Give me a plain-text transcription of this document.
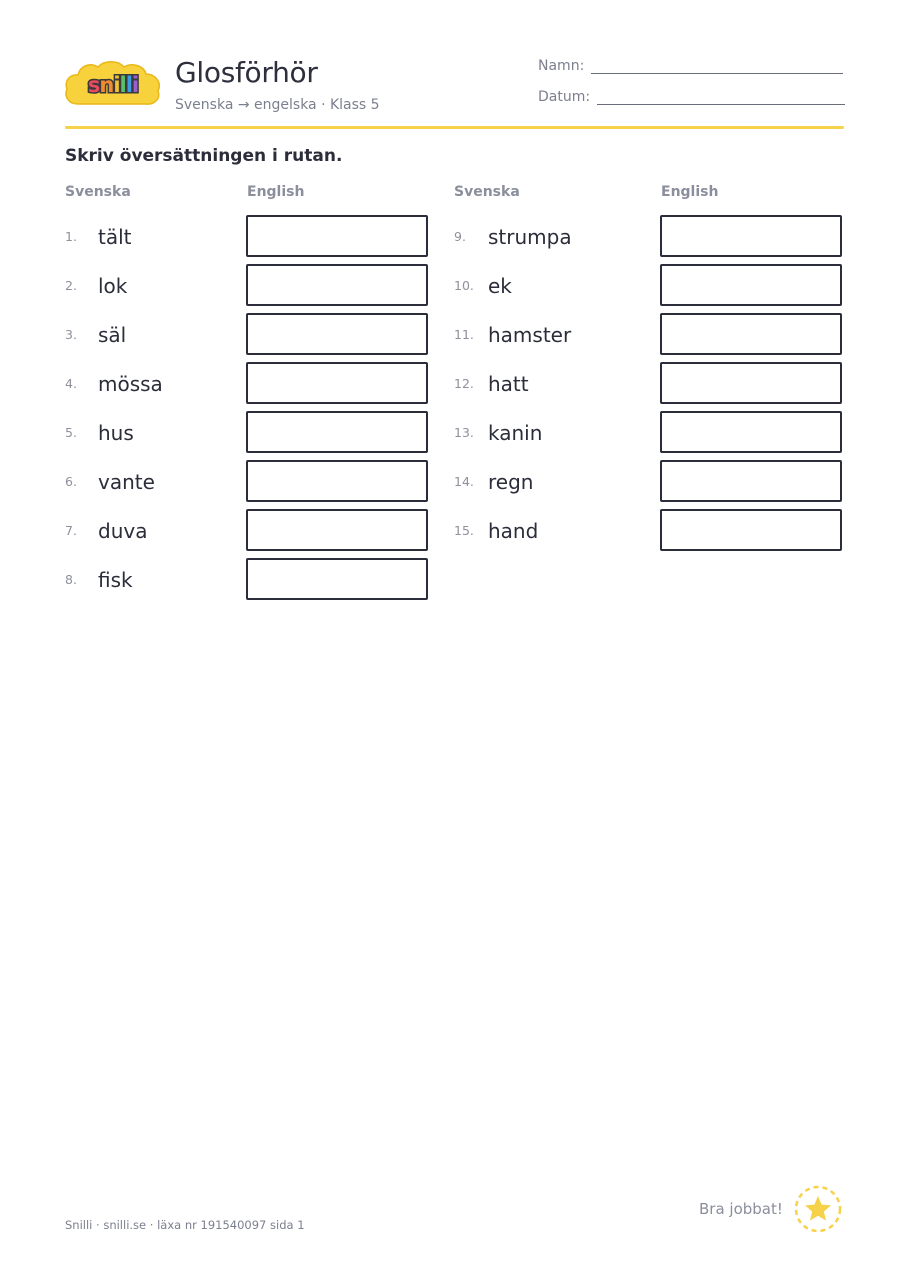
snilli Glosförhör
Svenska → engelska · Klass 5
Namn:
Datum:
Skriv översättningen i rutan.
Svenska	English	Svenska	English
1. tält
2. lok
3. säl
4. mössa
5. hus
6. vante
7. duva
8. fisk
9. strumpa
10. ek
11. hamster
12. hatt
13. kanin
14. regn
15. hand
Snilli · snilli.se · läxa nr 191540097 sida 1
Bra jobbat!
